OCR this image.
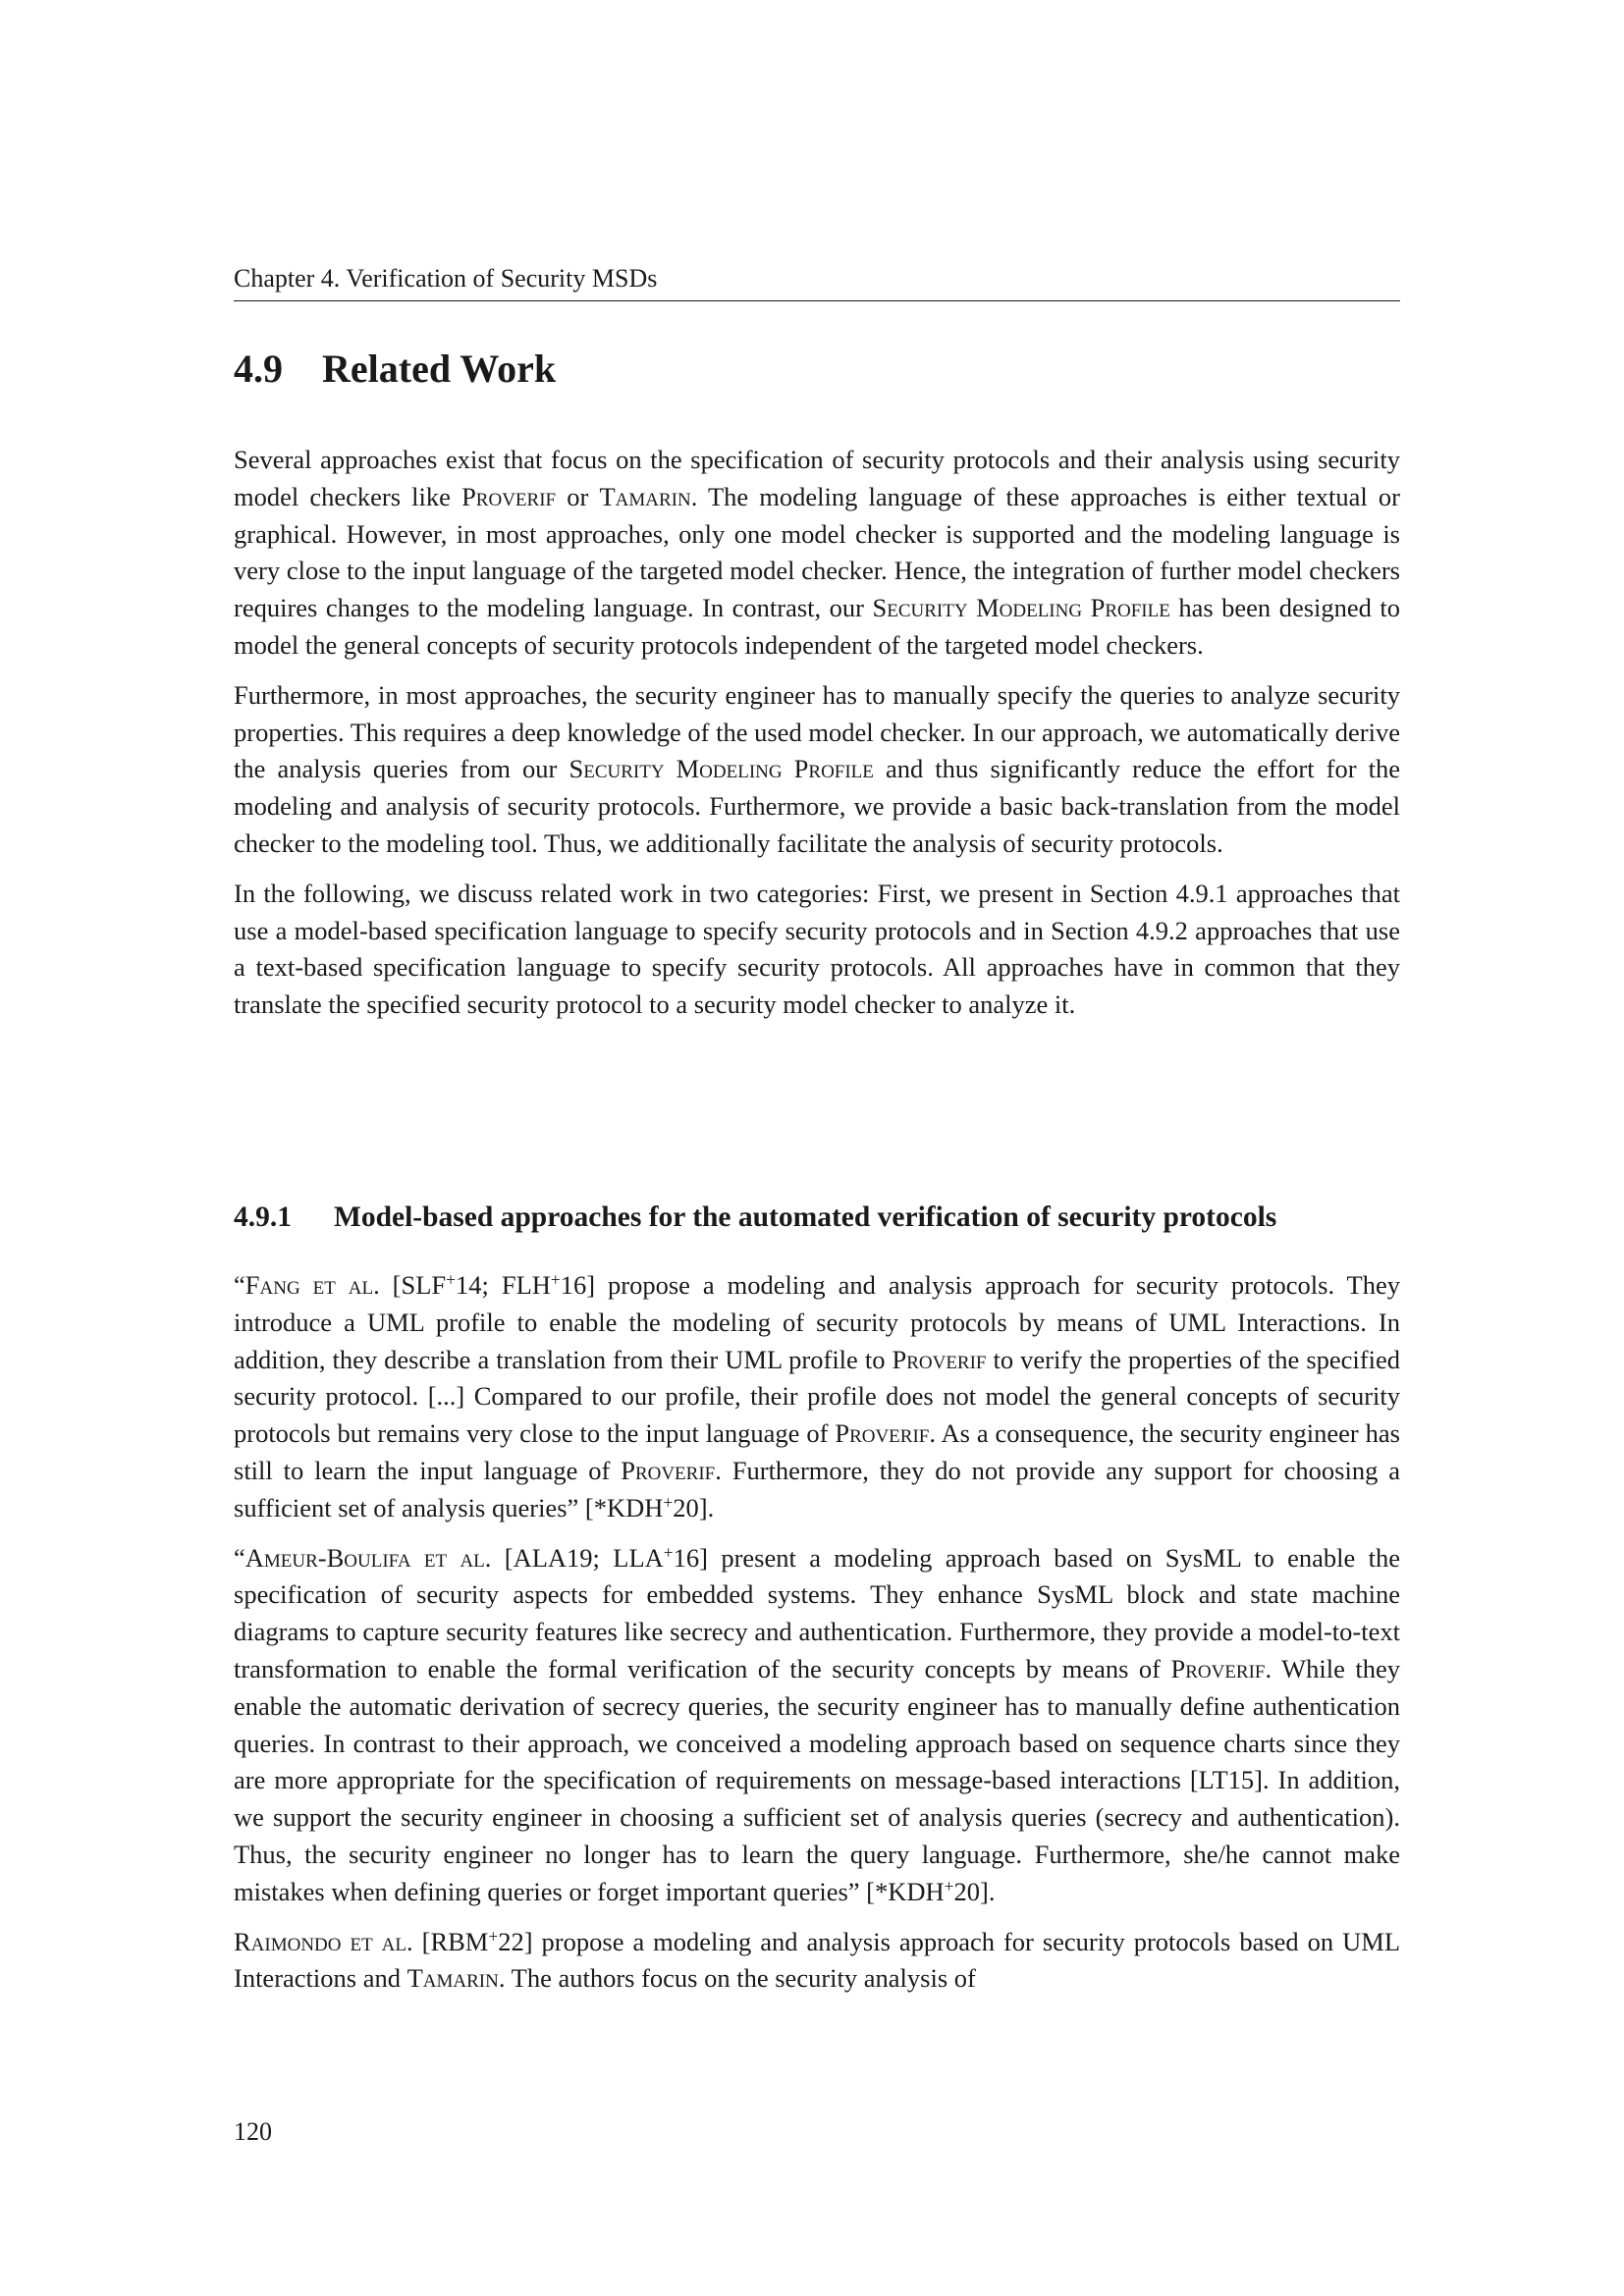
Chapter 4. Verification of Security MSDs
4.9 Related Work

Several approaches exist that focus on the specification of security protocols and their analysis using security model checkers like Proverif or Tamarin. The modeling language of these approaches is either textual or graphical. However, in most approaches, only one model checker is supported and the modeling language is very close to the input language of the targeted model checker. Hence, the integration of further model checkers requires changes to the modeling language. In contrast, our Security Modeling Profile has been designed to model the general concepts of security protocols independent of the targeted model checkers.

Furthermore, in most approaches, the security engineer has to manually specify the queries to analyze security properties. This requires a deep knowledge of the used model checker. In our approach, we automatically derive the analysis queries from our Security Modeling Profile and thus significantly reduce the effort for the modeling and analysis of security protocols. Furthermore, we provide a basic back-translation from the model checker to the modeling tool. Thus, we additionally facilitate the analysis of security protocols.

In the following, we discuss related work in two categories: First, we present in Section 4.9.1 approaches that use a model-based specification language to specify security protocols and in Section 4.9.2 approaches that use a text-based specification language to specify security protocols. All approaches have in common that they translate the specified security protocol to a security model checker to analyze it.

4.9.1 Model-based approaches for the automated verification of security protocols

“Fang et al. [SLF+14; FLH+16] propose a modeling and analysis approach for security protocols. They introduce a UML profile to enable the modeling of security protocols by means of UML Interactions. In addition, they describe a translation from their UML profile to Proverif to verify the properties of the specified security protocol. [...] Compared to our profile, their profile does not model the general concepts of security protocols but remains very close to the input language of Proverif. As a consequence, the security engineer has still to learn the input language of Proverif. Furthermore, they do not provide any support for choosing a sufficient set of analysis queries” [*KDH+20].

“Ameur-Boulifa et al. [ALA19; LLA+16] present a modeling approach based on SysML to enable the specification of security aspects for embedded systems. They enhance SysML block and state machine diagrams to capture security features like secrecy and authentication. Furthermore, they provide a model-to-text transformation to enable the formal verification of the security concepts by means of Proverif. While they enable the automatic derivation of secrecy queries, the security engineer has to manually define authentication queries. In contrast to their approach, we conceived a modeling approach based on sequence charts since they are more appropriate for the specification of requirements on message-based interactions [LT15]. In addition, we support the security engineer in choosing a sufficient set of analysis queries (secrecy and authentication). Thus, the security engineer no longer has to learn the query language. Furthermore, she/he cannot make mistakes when defining queries or forget important queries” [*KDH+20].

Raimondo et al. [RBM+22] propose a modeling and analysis approach for security protocols based on UML Interactions and Tamarin. The authors focus on the security analysis of

120
